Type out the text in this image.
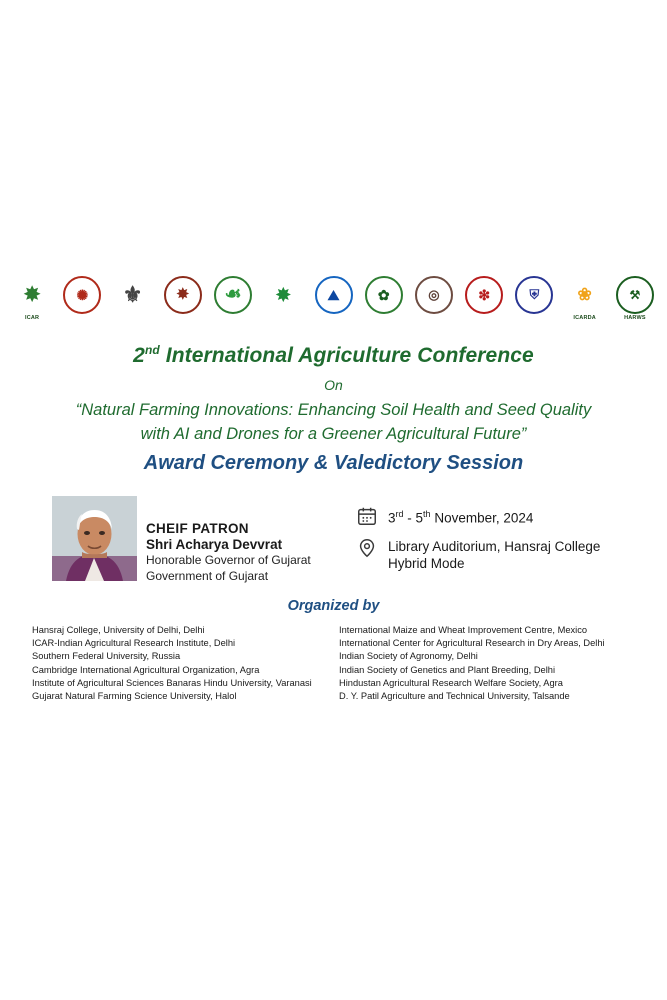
✸
ICAR
✺ ⚜ ✸ ☙ ✸	⛰	✿	◎	❇	⛨ ❀
ICARDA
⚒
HARWS
2nd International Agriculture Conference
On
“Natural Farming Innovations: Enhancing Soil Health and Seed Quality
with AI and Drones for a Greener Agricultural Future”
Award Ceremony & Valedictory Session
CHEIF PATRON
Shri Acharya Devvrat
Honorable Governor of Gujarat
Government of Gujarat
3rd - 5th November, 2024
Library Auditorium, Hansraj College
Hybrid Mode
Organized by
Hansraj College, University of Delhi, Delhi
ICAR-Indian Agricultural Research Institute, Delhi
Southern Federal University, Russia
Cambridge International Agricultural Organization, Agra
Institute of Agricultural Sciences Banaras Hindu University, Varanasi
Gujarat Natural Farming Science University, Halol
International Maize and Wheat Improvement Centre, Mexico
International Center for Agricultural Research in Dry Areas, Delhi
Indian Society of Agronomy, Delhi
Indian Society of Genetics and Plant Breeding, Delhi
Hindustan Agricultural Research Welfare Society, Agra
D. Y. Patil Agriculture and Technical University, Talsande
